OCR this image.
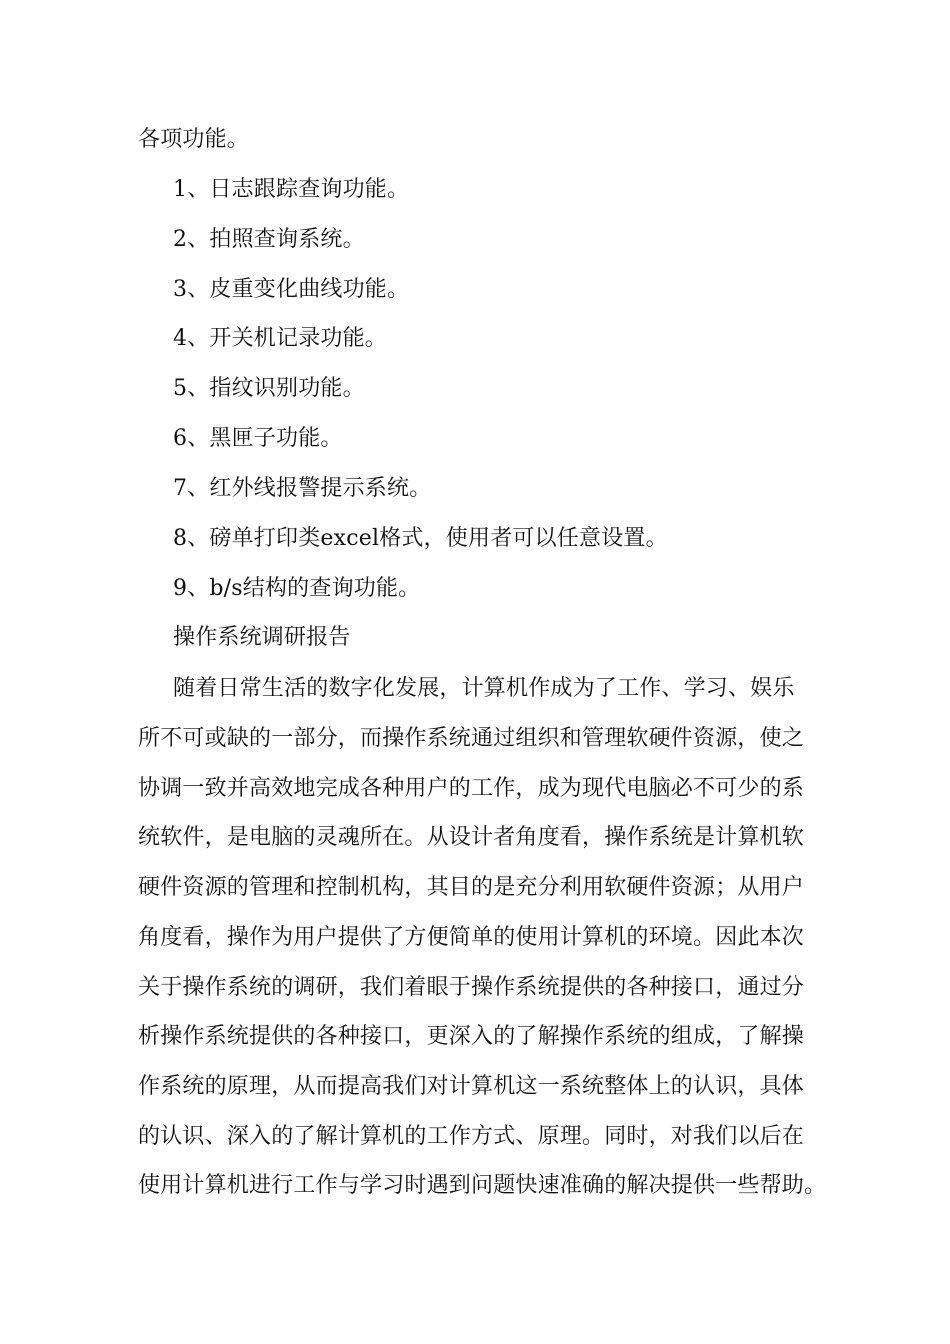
各项功能。
1、日志跟踪查询功能。
2、拍照查询系统。
3、皮重变化曲线功能。
4、开关机记录功能。
5、指纹识别功能。
6、黑匣子功能。
7、红外线报警提示系统。
8、磅单打印类excel格式，使用者可以任意设置。
9、b/s结构的查询功能。
操作系统调研报告
随着日常生活的数字化发展，计算机作成为了工作、学习、娱乐
所不可或缺的一部分，而操作系统通过组织和管理软硬件资源，使之
协调一致并高效地完成各种用户的工作，成为现代电脑必不可少的系
统软件，是电脑的灵魂所在。从设计者角度看，操作系统是计算机软
硬件资源的管理和控制机构，其目的是充分利用软硬件资源；从用户
角度看，操作为用户提供了方便简单的使用计算机的环境。因此本次
关于操作系统的调研，我们着眼于操作系统提供的各种接口，通过分
析操作系统提供的各种接口，更深入的了解操作系统的组成，了解操
作系统的原理，从而提高我们对计算机这一系统整体上的认识，具体
的认识、深入的了解计算机的工作方式、原理。同时，对我们以后在
使用计算机进行工作与学习时遇到问题快速准确的解决提供一些帮助。
